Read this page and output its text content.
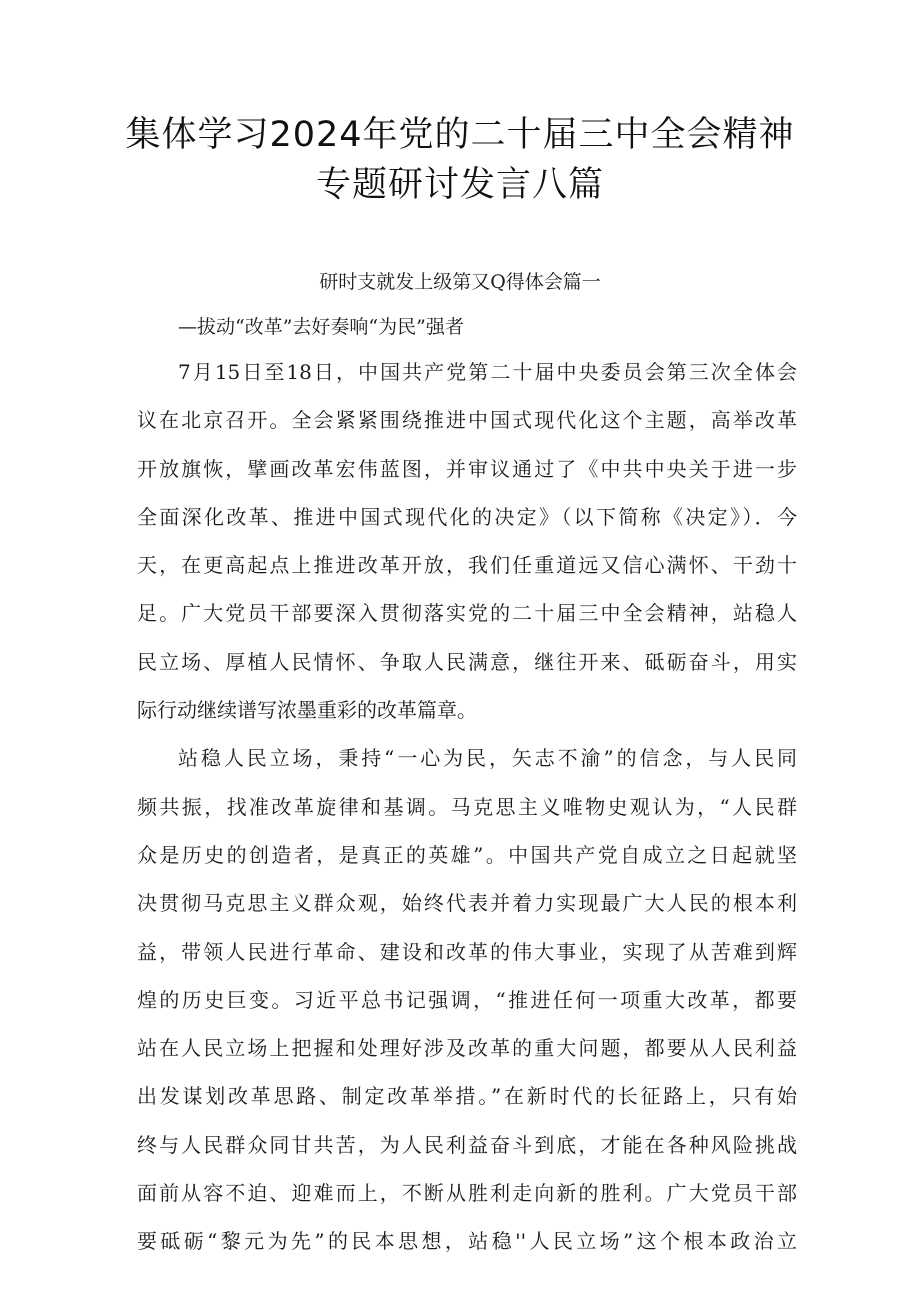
集体学习2024年党的二十届三中全会精神
专题研讨发言八篇
研时支就发上级第又Q得体会篇一
—拔动“改革”去好奏响“为民”强者
7月15日至18日，中国共产党第二十届中央委员会第三次全体会
议在北京召开。全会紧紧围绕推进中国式现代化这个主题，高举改革
开放旗恢，擘画改革宏伟蓝图，并审议通过了《中共中央关于进一步
全面深化改革、推进中国式现代化的决定》（以下简称《决定》）．今
天，在更高起点上推进改革开放，我们任重道远又信心满怀、干劲十
足。广大党员干部要深入贯彻落实党的二十届三中全会精神，站稳人
民立场、厚植人民情怀、争取人民满意，继往开来、砥砺奋斗，用实
际行动继续谱写浓墨重彩的改革篇章。
站稳人民立场，秉持“一心为民，矢志不渝”的信念，与人民同
频共振，找准改革旋律和基调。马克思主义唯物史观认为，“人民群
众是历史的创造者，是真正的英雄”。中国共产党自成立之日起就坚
决贯彻马克思主义群众观，始终代表并着力实现最广大人民的根本利
益，带领人民进行革命、建设和改革的伟大事业，实现了从苦难到辉
煌的历史巨变。习近平总书记强调，“推进任何一项重大改革，都要
站在人民立场上把握和处理好涉及改革的重大问题，都要从人民利益
出发谋划改革思路、制定改革举措。”在新时代的长征路上，只有始
终与人民群众同甘共苦，为人民利益奋斗到底，才能在各种风险挑战
面前从容不迫、迎难而上，不断从胜利走向新的胜利。广大党员干部
要砥砺“黎元为先”的民本思想，站稳''人民立场”这个根本政治立
